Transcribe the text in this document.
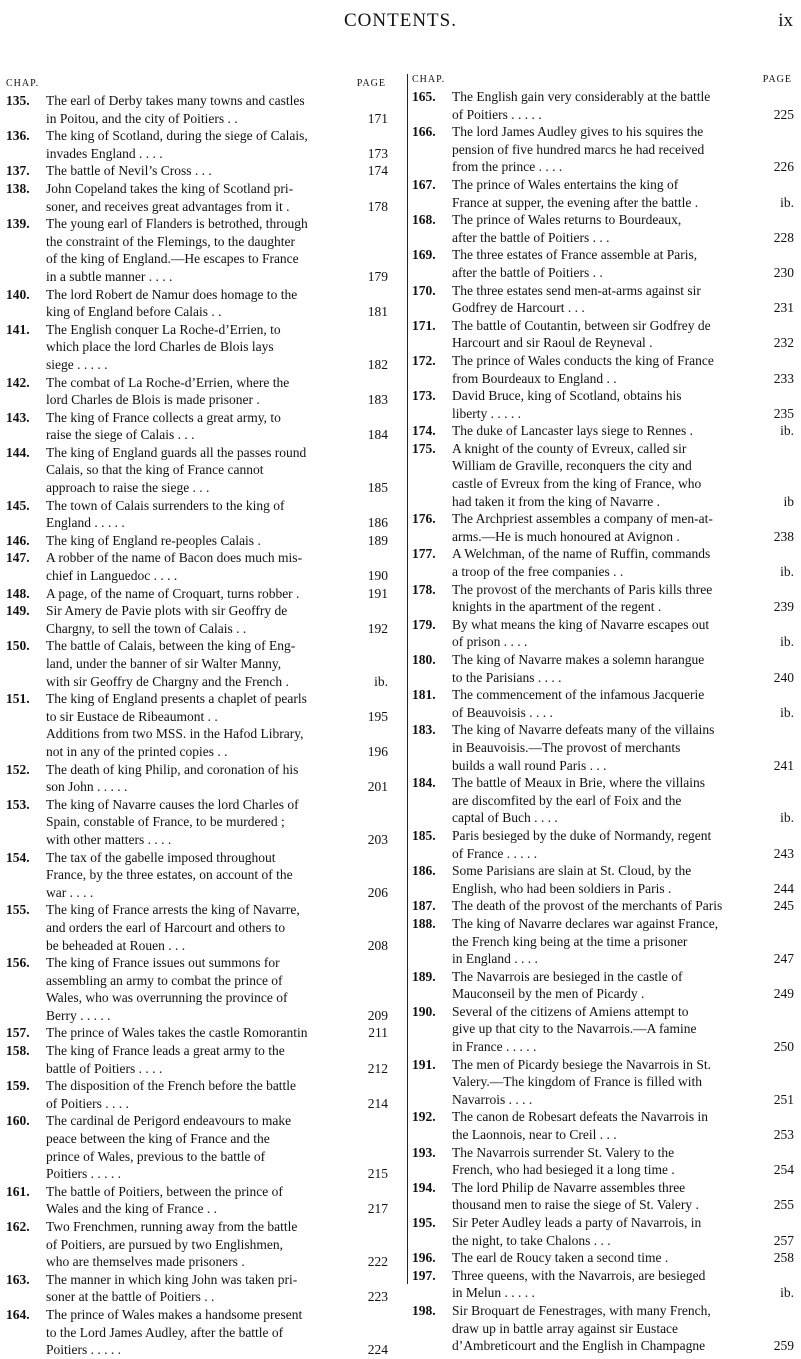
CONTENTS.	ix
CHAP.	PAGE
135. The earl of Derby takes many towns and castles
in Poitou, and the city of Poitiers . .	171
136. The king of Scotland, during the siege of Calais,
invades England . . . .	173
137. The battle of Nevil’s Cross . . .	174
138. John Copeland takes the king of Scotland pri-
soner, and receives great advantages from it .	178
139. The young earl of Flanders is betrothed, through
the constraint of the Flemings, to the daughter
of the king of England.—He escapes to France
in a subtle manner . . . .	179
140. The lord Robert de Namur does homage to the
king of England before Calais . .	181
141. The English conquer La Roche-d’Errien, to
which place the lord Charles de Blois lays
siege . . . . .	182
142. The combat of La Roche-d’Errien, where the
lord Charles de Blois is made prisoner .	183
143. The king of France collects a great army, to
raise the siege of Calais . . .	184
144. The king of England guards all the passes round
Calais, so that the king of France cannot
approach to raise the siege . . .	185
145. The town of Calais surrenders to the king of
England . . . . .	186
146. The king of England re-peoples Calais .	189
147. A robber of the name of Bacon does much mis-
chief in Languedoc . . . .	190
148. A page, of the name of Croquart, turns robber .	191
149. Sir Amery de Pavie plots with sir Geoffry de
Chargny, to sell the town of Calais . .	192
150. The battle of Calais, between the king of Eng-
land, under the banner of sir Walter Manny,
with sir Geoffry de Chargny and the French .	ib.
151. The king of England presents a chaplet of pearls
to sir Eustace de Ribeaumont . .	195
Additions from two MSS. in the Hafod Library,
not in any of the printed copies . .	196
152. The death of king Philip, and coronation of his
son John . . . . .	201
153. The king of Navarre causes the lord Charles of
Spain, constable of France, to be murdered ;
with other matters . . . .	203
154. The tax of the gabelle imposed throughout
France, by the three estates, on account of the
war . . . .	206
155. The king of France arrests the king of Navarre,
and orders the earl of Harcourt and others to
be beheaded at Rouen . . .	208
156. The king of France issues out summons for
assembling an army to combat the prince of
Wales, who was overrunning the province of
Berry . . . . .	209
157. The prince of Wales takes the castle Romorantin	211
158. The king of France leads a great army to the
battle of Poitiers . . . .	212
159. The disposition of the French before the battle
of Poitiers . . . .	214
160. The cardinal de Perigord endeavours to make
peace between the king of France and the
prince of Wales, previous to the battle of
Poitiers . . . . .	215
161. The battle of Poitiers, between the prince of
Wales and the king of France . .	217
162. Two Frenchmen, running away from the battle
of Poitiers, are pursued by two Englishmen,
who are themselves made prisoners .	222
163. The manner in which king John was taken pri-
soner at the battle of Poitiers . .	223
164. The prince of Wales makes a handsome present
to the Lord James Audley, after the battle of
Poitiers . . . . .	224
CHAP.	PAGE
165. The English gain very considerably at the battle
of Poitiers . . . . .	225
166. The lord James Audley gives to his squires the
pension of five hundred marcs he had received
from the prince . . . .	226
167. The prince of Wales entertains the king of
France at supper, the evening after the battle .	ib.
168. The prince of Wales returns to Bourdeaux,
after the battle of Poitiers . . .	228
169. The three estates of France assemble at Paris,
after the battle of Poitiers . .	230
170. The three estates send men-at-arms against sir
Godfrey de Harcourt . . .	231
171. The battle of Coutantin, between sir Godfrey de
Harcourt and sir Raoul de Reyneval .	232
172. The prince of Wales conducts the king of France
from Bourdeaux to England . .	233
173. David Bruce, king of Scotland, obtains his
liberty . . . . .	235
174. The duke of Lancaster lays siege to Rennes .	ib.
175. A knight of the county of Evreux, called sir
William de Graville, reconquers the city and
castle of Evreux from the king of France, who
had taken it from the king of Navarre .	ib
176. The Archpriest assembles a company of men-at-
arms.—He is much honoured at Avignon .	238
177. A Welchman, of the name of Ruffin, commands
a troop of the free companies . .	ib.
178. The provost of the merchants of Paris kills three
knights in the apartment of the regent .	239
179. By what means the king of Navarre escapes out
of prison . . . .	ib.
180. The king of Navarre makes a solemn harangue
to the Parisians . . . .	240
181. The commencement of the infamous Jacquerie
of Beauvoisis . . . .	ib.
183. The king of Navarre defeats many of the villains
in Beauvoisis.—The provost of merchants
builds a wall round Paris . . .	241
184. The battle of Meaux in Brie, where the villains
are discomfited by the earl of Foix and the
captal of Buch . . . .	ib.
185. Paris besieged by the duke of Normandy, regent
of France . . . . .	243
186. Some Parisians are slain at St. Cloud, by the
English, who had been soldiers in Paris .	244
187. The death of the provost of the merchants of Paris	245
188. The king of Navarre declares war against France,
the French king being at the time a prisoner
in England . . . .	247
189. The Navarrois are besieged in the castle of
Mauconseil by the men of Picardy .	249
190. Several of the citizens of Amiens attempt to
give up that city to the Navarrois.—A famine
in France . . . . .	250
191. The men of Picardy besiege the Navarrois in St.
Valery.—The kingdom of France is filled with
Navarrois . . . .	251
192. The canon de Robesart defeats the Navarrois in
the Laonnois, near to Creil . . .	253
193. The Navarrois surrender St. Valery to the
French, who had besieged it a long time .	254
194. The lord Philip de Navarre assembles three
thousand men to raise the siege of St. Valery .	255
195. Sir Peter Audley leads a party of Navarrois, in
the night, to take Chalons . . .	257
196. The earl de Roucy taken a second time .	258
197. Three queens, with the Navarrois, are besieged
in Melun . . . . .	ib.
198. Sir Broquart de Fenestrages, with many French,
draw up in battle array against sir Eustace
d’Ambreticourt and the English in Champagne	259
